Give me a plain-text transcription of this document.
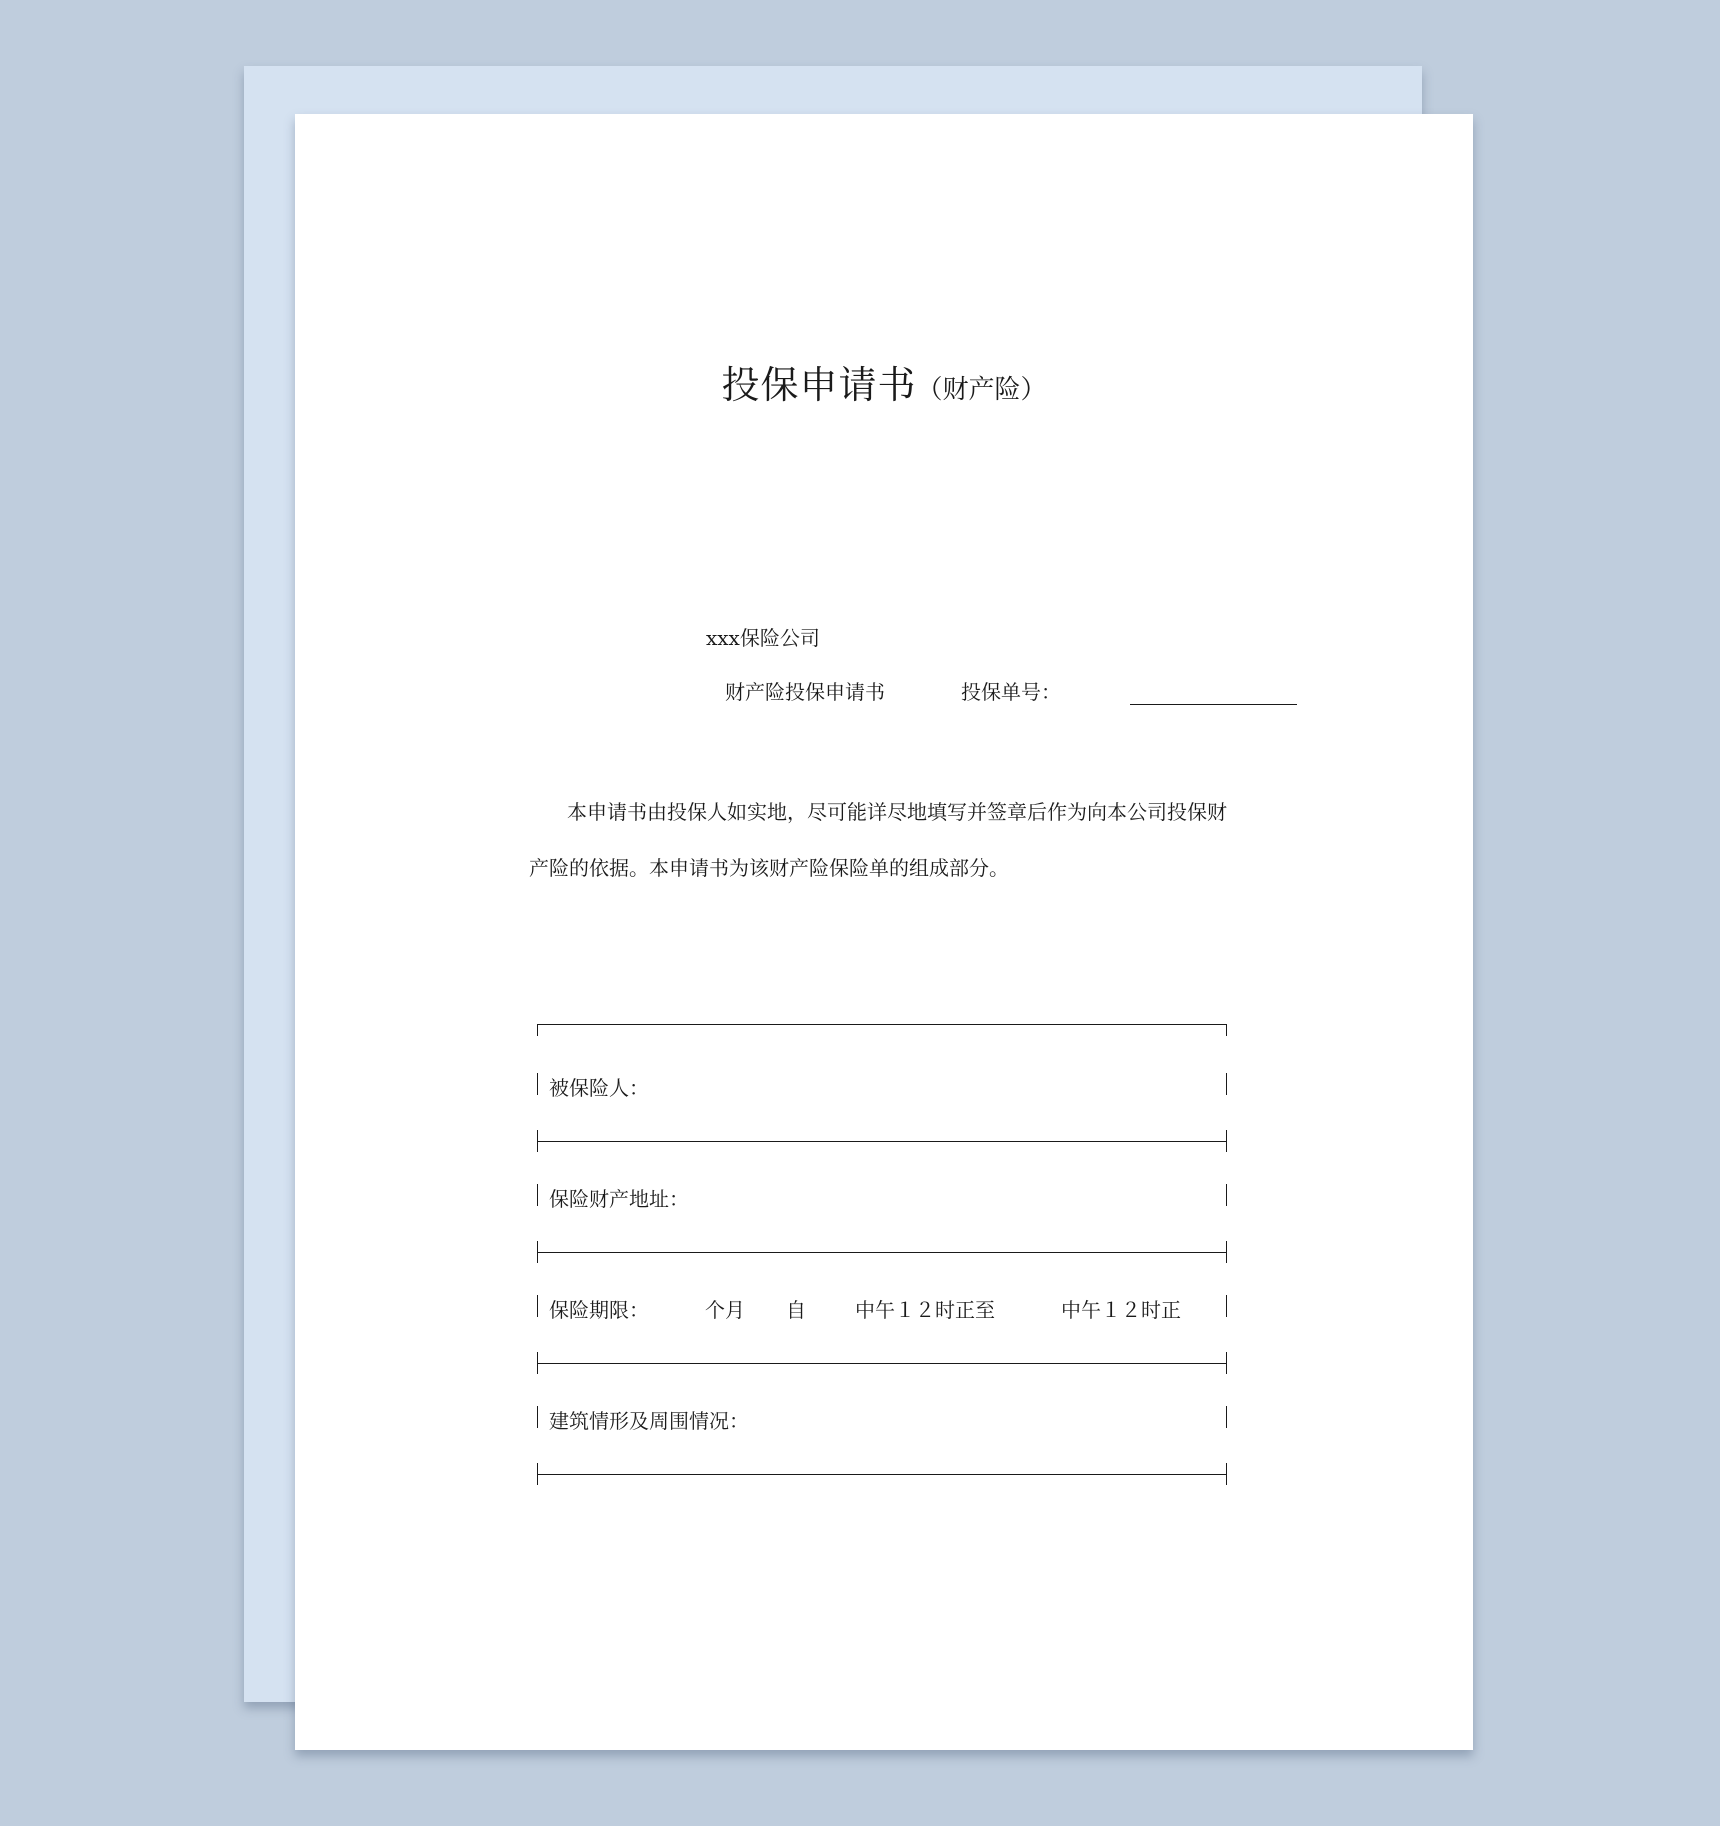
投保申请书（财产险）
xxx保险公司
财产险投保申请书	投保单号：

本申请书由投保人如实地，尽可能详尽地填写并签章后作为向本公司投保财产险的依据。本申请书为该财产险保险单的组成部分。

被保险人：
保险财产地址：
保险期限：	个月 自 中午１２时正至	中午１２时正
建筑情形及周围情况：
